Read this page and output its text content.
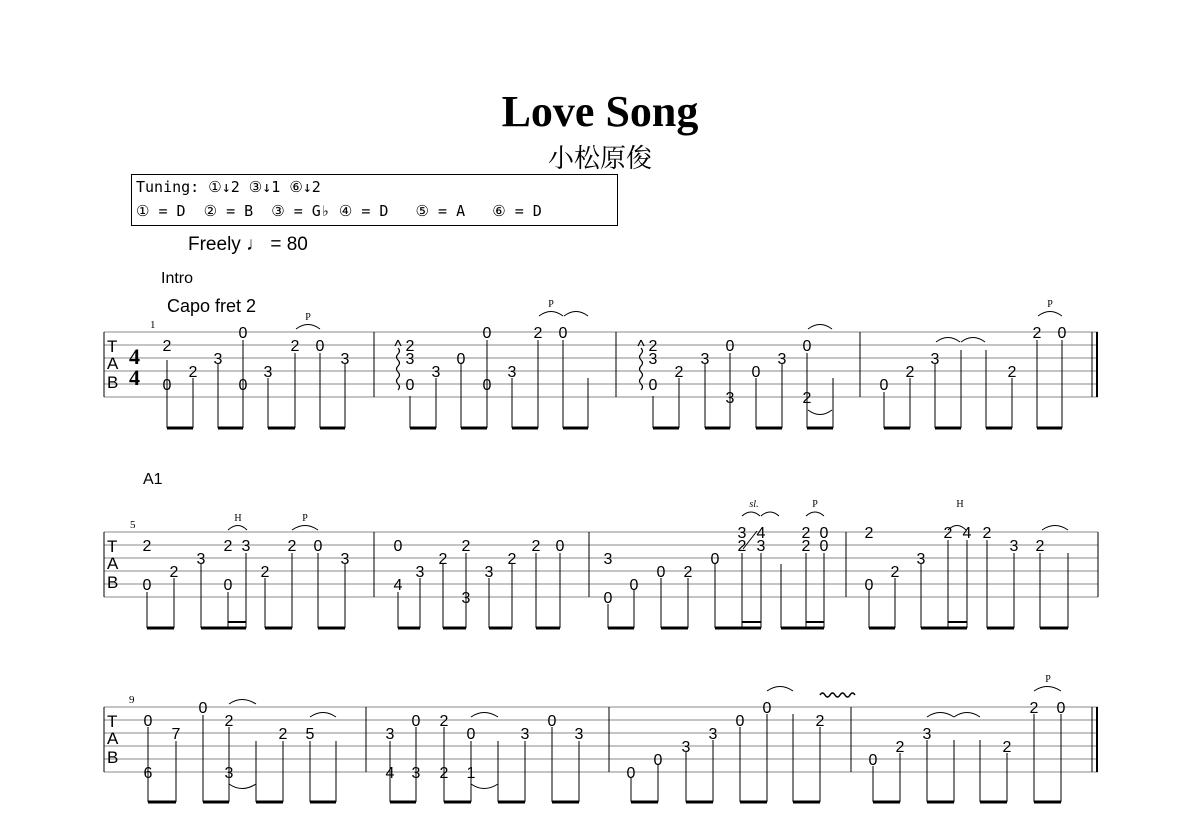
Love Song
小松原俊
Tuning: ①↓2 ③↓1 ⑥↓2
① = D  ② = B  ③ = G♭ ④ = D   ⑤ = A   ⑥ = D
Freely ♩ = 80
Intro
Capo fret 2
A1
T
A
B
T
A
B
T
A
B
4
4
1
5
9
P
P	P
H	P
sl.	P	H
P
2
0
2
3
0
0
3
2 0
3
2
3
3
0
0
3
2 0
0	0
2
3
0
2
3
0
3
0
3
0
2
0
2
3
2
2 0
2
0
2
3
2
0
3
2
2 0
3
0
4
3
2
3
2
3
2
2 0
3
0
0
0 2
0
3
2
4
3
2
2
0
0
2
0
2
3
2 4 2
3 2
0
6
7
0
2
3
2 5	3
4
0
3
2
2
0
1
3
0
3
0
0
3
3
0
0
2
0
2
3
2
2 0
